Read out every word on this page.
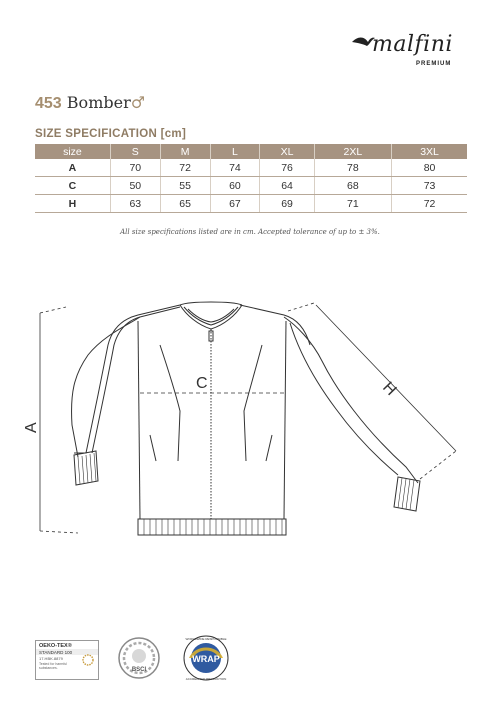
malfini
PREMIUM
453 Bomber♂
SIZE SPECIFICATION [cm]
size	S	M	L	XL	2XL	3XL
A	70	72	74	76	78	80
C	50	55	60	64	68	73
H	63	65	67	69	71	72
All size specifications listed are in cm. Accepted tolerance of up to ± 3%.
C
A
H
OEKO-TEX®
STANDARD 100
17.HBK.8879
Tested for harmful
substances.	BSCI
WRAP
WORLDWIDE RESPONSIBLE
ACCREDITED PRODUCTION
